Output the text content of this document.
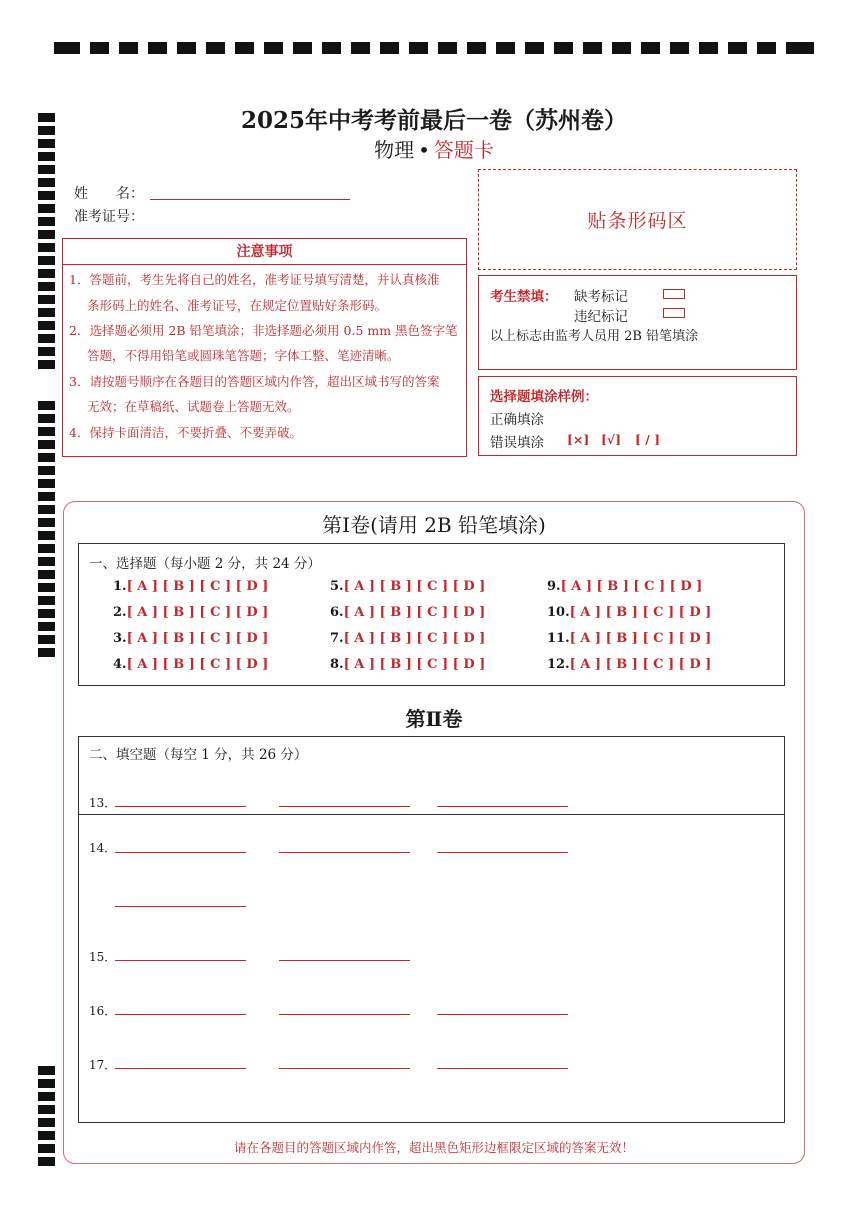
2025年中考考前最后一卷（苏州卷）
物理 • 答题卡
姓　　名：
准考证号：	贴条形码区
注意事项
1．答题前，考生先将自己的姓名，准考证号填写清楚，并认真核准
条形码上的姓名、准考证号，在规定位置贴好条形码。
2．选择题必须用 2B 铅笔填涂；非选择题必须用 0.5 mm 黑色签字笔
答题，不得用铅笔或圆珠笔答题；字体工整、笔迹清晰。
3．请按题号顺序在各题目的答题区域内作答，超出区域书写的答案
无效；在草稿纸、试题卷上答题无效。
4．保持卡面清洁，不要折叠、不要弄破。
考生禁填： 缺考标记
违纪标记
以上标志由监考人员用 2B 铅笔填涂
选择题填涂样例：
正确填涂
错误填涂 [×] [√] [ / ]
第Ⅰ卷(请用 2B 铅笔填涂)
一、选择题（每小题 2 分，共 24 分）
1.[ A ] [ B ] [ C ] [ D ]
2.[ A ] [ B ] [ C ] [ D ]
3.[ A ] [ B ] [ C ] [ D ]
4.[ A ] [ B ] [ C ] [ D ]
5.[ A ] [ B ] [ C ] [ D ]
6.[ A ] [ B ] [ C ] [ D ]
7.[ A ] [ B ] [ C ] [ D ]
8.[ A ] [ B ] [ C ] [ D ]
9.[ A ] [ B ] [ C ] [ D ]
10.[ A ] [ B ] [ C ] [ D ]
11.[ A ] [ B ] [ C ] [ D ]
12.[ A ] [ B ] [ C ] [ D ]
第Ⅱ卷
二、填空题（每空 1 分，共 26 分）
13．
14．
15．
16．
17．
请在各题目的答题区域内作答，超出黑色矩形边框限定区域的答案无效！
